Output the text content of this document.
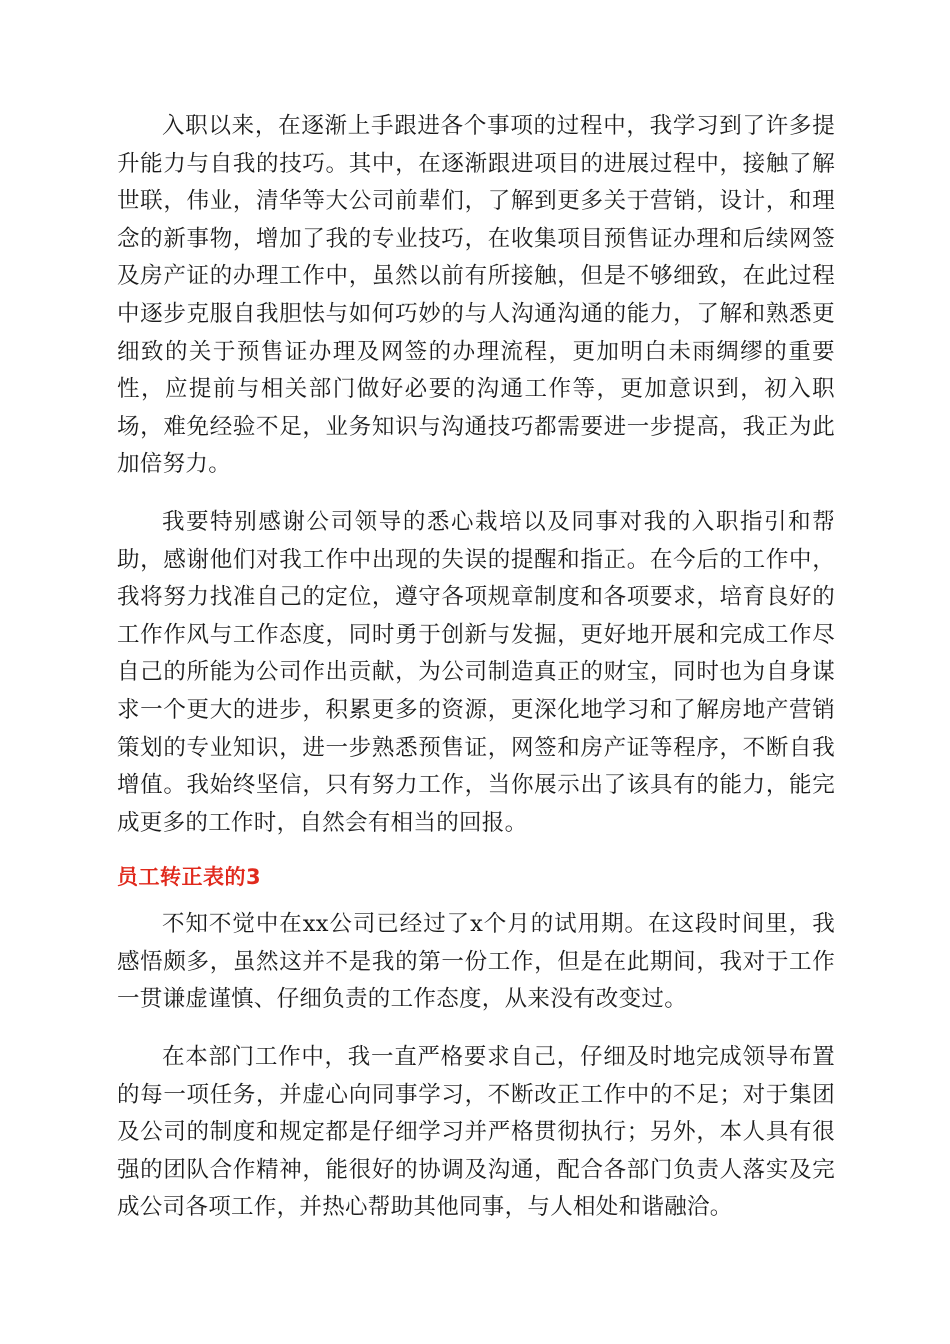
入职以来，在逐渐上手跟进各个事项的过程中，我学习到了许多提升能力与自我的技巧。其中，在逐渐跟进项目的进展过程中，接触了解世联，伟业，清华等大公司前辈们，了解到更多关于营销，设计，和理念的新事物，增加了我的专业技巧，在收集项目预售证办理和后续网签及房产证的办理工作中，虽然以前有所接触，但是不够细致，在此过程中逐步克服自我胆怯与如何巧妙的与人沟通沟通的能力，了解和熟悉更细致的关于预售证办理及网签的办理流程，更加明白未雨绸缪的重要性，应提前与相关部门做好必要的沟通工作等，更加意识到，初入职场，难免经验不足，业务知识与沟通技巧都需要进一步提高，我正为此加倍努力。

我要特别感谢公司领导的悉心栽培以及同事对我的入职指引和帮助，感谢他们对我工作中出现的失误的提醒和指正。在今后的工作中，我将努力找准自己的定位，遵守各项规章制度和各项要求，培育良好的工作作风与工作态度，同时勇于创新与发掘，更好地开展和完成工作尽自己的所能为公司作出贡献，为公司制造真正的财宝，同时也为自身谋求一个更大的进步，积累更多的资源，更深化地学习和了解房地产营销策划的专业知识，进一步熟悉预售证，网签和房产证等程序，不断自我增值。我始终坚信，只有努力工作，当你展示出了该具有的能力，能完成更多的工作时，自然会有相当的回报。

员工转正表的3

不知不觉中在xx公司已经过了x个月的试用期。在这段时间里，我感悟颇多，虽然这并不是我的第一份工作，但是在此期间，我对于工作一贯谦虚谨慎、仔细负责的工作态度，从来没有改变过。

在本部门工作中，我一直严格要求自己，仔细及时地完成领导布置的每一项任务，并虚心向同事学习，不断改正工作中的不足；对于集团及公司的制度和规定都是仔细学习并严格贯彻执行；另外，本人具有很强的团队合作精神，能很好的协调及沟通，配合各部门负责人落实及完成公司各项工作，并热心帮助其他同事，与人相处和谐融洽。
